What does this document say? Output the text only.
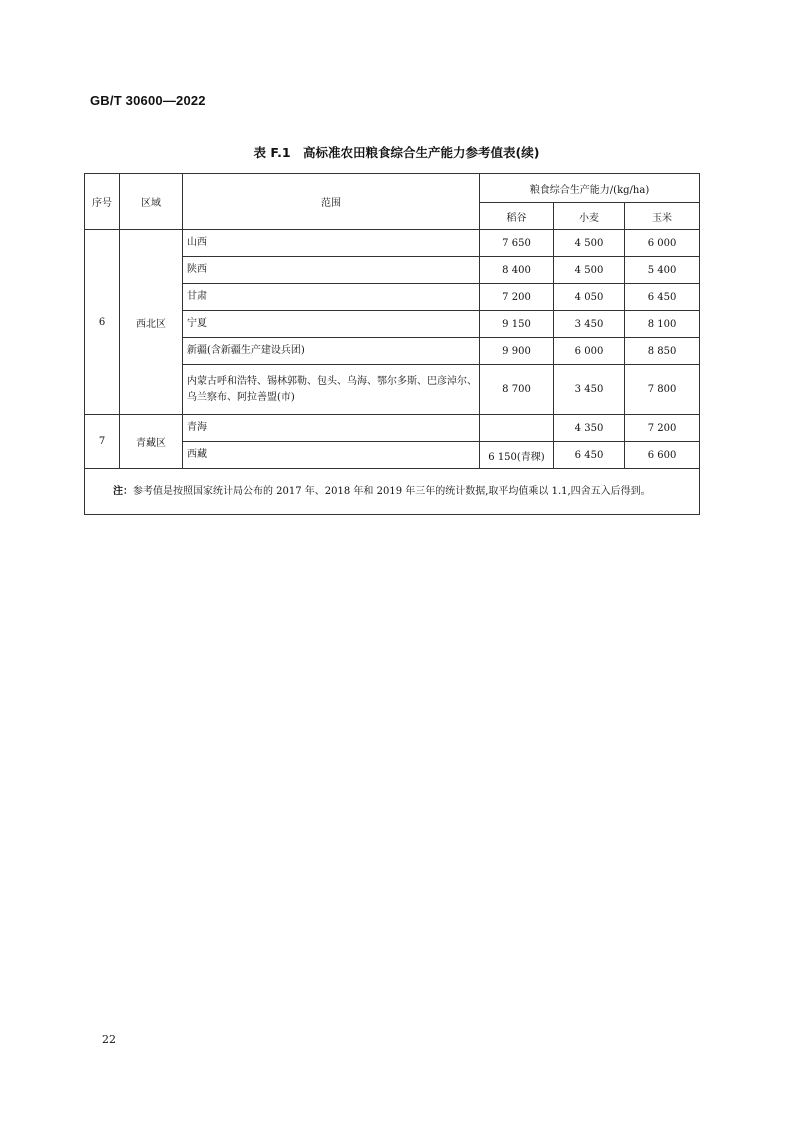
GB/T 30600—2022
表 F.1　高标准农田粮食综合生产能力参考值表(续)
序号	区域	范围	粮食综合生产能力/(kg/ha)		
			稻谷	小麦	玉米
6	西北区	山西	7 650	4 500	6 000
		陕西	8 400	4 500	5 400
		甘肃	7 200	4 050	6 450
		宁夏	9 150	3 450	8 100
		新疆(含新疆生产建设兵团)	9 900	6 000	8 850
		内蒙古呼和浩特、锡林郭勒、包头、乌海、鄂尔多斯、巴彦淖尔、乌兰察布、阿拉善盟(市)	8 700	3 450	7 800
7	青藏区	青海		4 350	7 200
		西藏	6 150(青稞)	6 450	6 600
注：参考值是按照国家统计局公布的 2017 年、2018 年和 2019 年三年的统计数据,取平均值乘以 1.1,四舍五入后得到。					
22
